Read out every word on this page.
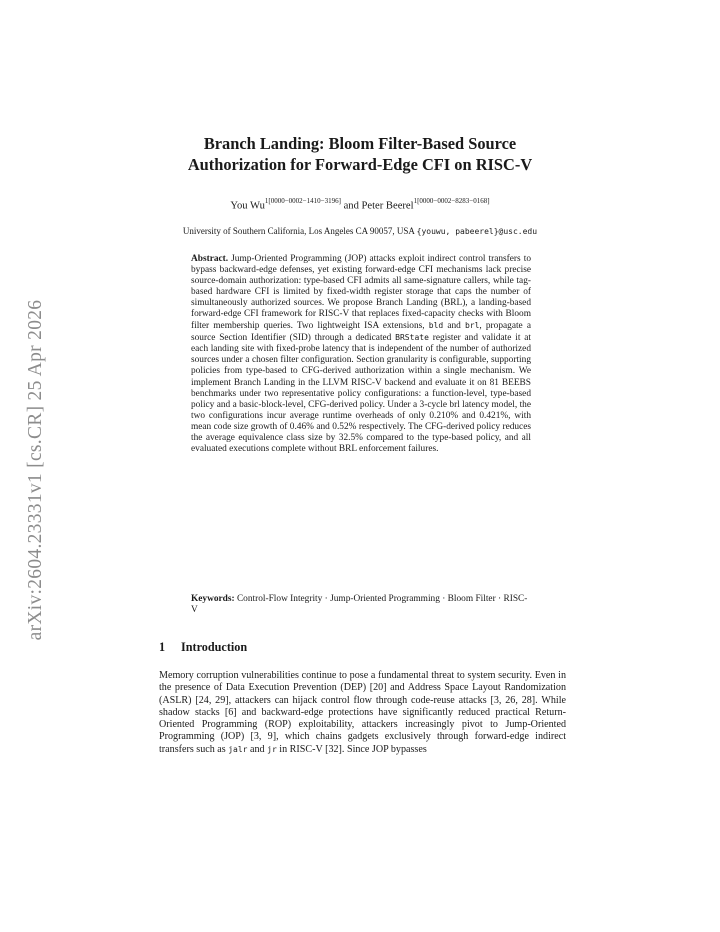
arXiv:2604.23331v1 [cs.CR] 25 Apr 2026
Branch Landing: Bloom Filter-Based Source
Authorization for Forward-Edge CFI on RISC-V
You $Wu^{1[0000-0002-1410-3196]}$ and Peter Beerel$^{1[0000-0002-8283-0168]}$
University of Southern California, Los Angeles CA 90057, USA {youwu, pabeerel}@usc.edu
Abstract. Jump-Oriented Programming (JOP) attacks exploit indirect control transfers to bypass backward-edge defenses, yet existing forward-edge CFI mechanisms lack precise source-domain authorization: type-based CFI admits all same-signature callers, while tag-based hardware CFI is limited by fixed-width register storage that caps the number of simultaneously authorized sources. We propose Branch Landing (BRL), a landing-based forward-edge CFI framework for RISC-V that replaces fixed-capacity checks with Bloom filter membership queries. Two lightweight ISA extensions, bld and brl, propagate a source Section Identifier (SID) through a dedicated BRState register and validate it at each landing site with fixed-probe latency that is independent of the number of authorized sources under a chosen filter configuration. Section granularity is configurable, supporting policies from type-based to CFG-derived authorization within a single mechanism. We implement Branch Landing in the LLVM RISC-V backend and evaluate it on 81 BEEBS benchmarks under two representative policy configurations: a function-level, type-based policy and a basic-block-level, CFG-derived policy. Under a 3-cycle brl latency model, the two configurations incur average runtime overheads of only 0.210% and 0.421%, with mean code size growth of 0.46% and 0.52% respectively. The CFG-derived policy reduces the average equivalence class size by 32.5% compared to the type-based policy, and all evaluated executions complete without BRL enforcement failures.
Keywords: Control-Flow Integrity · Jump-Oriented Programming · Bloom Filter · RISC-V
1 Introduction

Memory corruption vulnerabilities continue to pose a fundamental threat to system security. Even in the presence of Data Execution Prevention (DEP) [20] and Address Space Layout Randomization (ASLR) [24, 29], attackers can hijack control flow through code-reuse attacks [3, 26, 28]. While shadow stacks [6] and backward-edge protections have significantly reduced practical Return-Oriented Programming (ROP) exploitability, attackers increasingly pivot to Jump-Oriented Programming (JOP) [3, 9], which chains gadgets exclusively through forward-edge indirect transfers such as jalr and jr in RISC-V [32]. Since JOP bypasses
